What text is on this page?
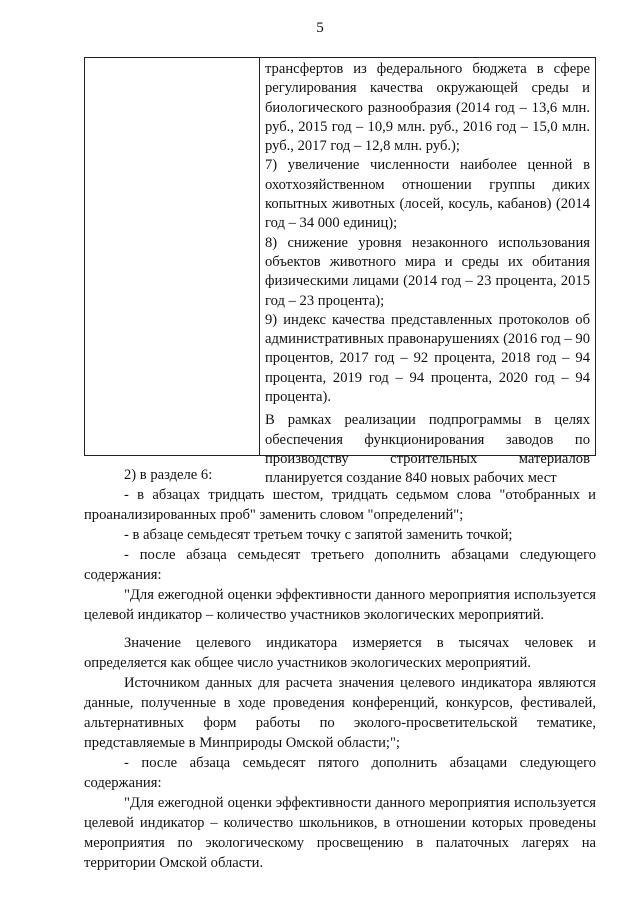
5

трансфертов из федерального бюджета в сфере регулирования качества окружающей среды и биологического разнообразия (2014 год – 13,6 млн. руб., 2015 год – 10,9 млн. руб., 2016 год – 15,0 млн. руб., 2017 год – 12,8 млн. руб.);

7) увеличение численности наиболее ценной в охотхозяйственном отношении группы диких копытных животных (лосей, косуль, кабанов) (2014 год – 34 000 единиц);

8) снижение уровня незаконного использования объектов животного мира и среды их обитания физическими лицами (2014 год – 23 процента, 2015 год – 23 процента);

9) индекс качества представленных протоколов об административных правонарушениях (2016 год – 90 процентов, 2017 год – 92 процента, 2018 год – 94 процента, 2019 год – 94 процента, 2020 год – 94 процента).

В рамках реализации подпрограммы в целях обеспечения функционирования заводов по производству строительных материалов планируется создание 840 новых рабочих мест

2) в разделе 6:

- в абзацах тридцать шестом, тридцать седьмом слова "отобранных и проанализированных проб" заменить словом "определений";

- в абзаце семьдесят третьем точку с запятой заменить точкой;

- после абзаца семьдесят третьего дополнить абзацами следующего содержания:

"Для ежегодной оценки эффективности данного мероприятия используется целевой индикатор – количество участников экологических мероприятий.

Значение целевого индикатора измеряется в тысячах человек и определяется как общее число участников экологических мероприятий.

Источником данных для расчета значения целевого индикатора являются данные, полученные в ходе проведения конференций, конкурсов, фестивалей, альтернативных форм работы по эколого-просветительской тематике, представляемые в Минприроды Омской области;";

- после абзаца семьдесят пятого дополнить абзацами следующего содержания:

"Для ежегодной оценки эффективности данного мероприятия используется целевой индикатор – количество школьников, в отношении которых проведены мероприятия по экологическому просвещению в палаточных лагерях на территории Омской области.
